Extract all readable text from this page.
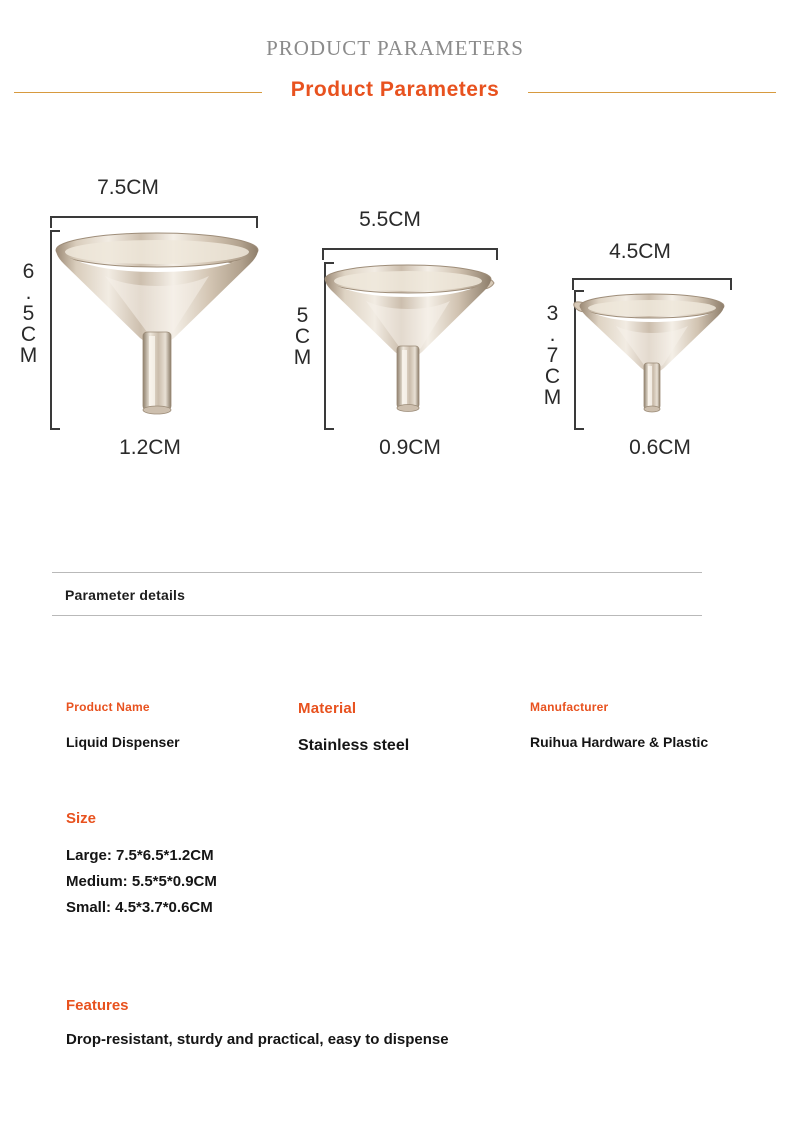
PRODUCT PARAMETERS
Product Parameters
7.5CM
6.5CM
1.2CM
5.5CM
5CM
0.9CM
4.5CM
3.7CM
0.6CM
Parameter details
Product Name
Liquid Dispenser
Material
Stainless steel
Manufacturer
Ruihua Hardware & Plastic
Size
Large: 7.5*6.5*1.2CM
Medium: 5.5*5*0.9CM
Small: 4.5*3.7*0.6CM
Features
Drop-resistant, sturdy and practical, easy to dispense
